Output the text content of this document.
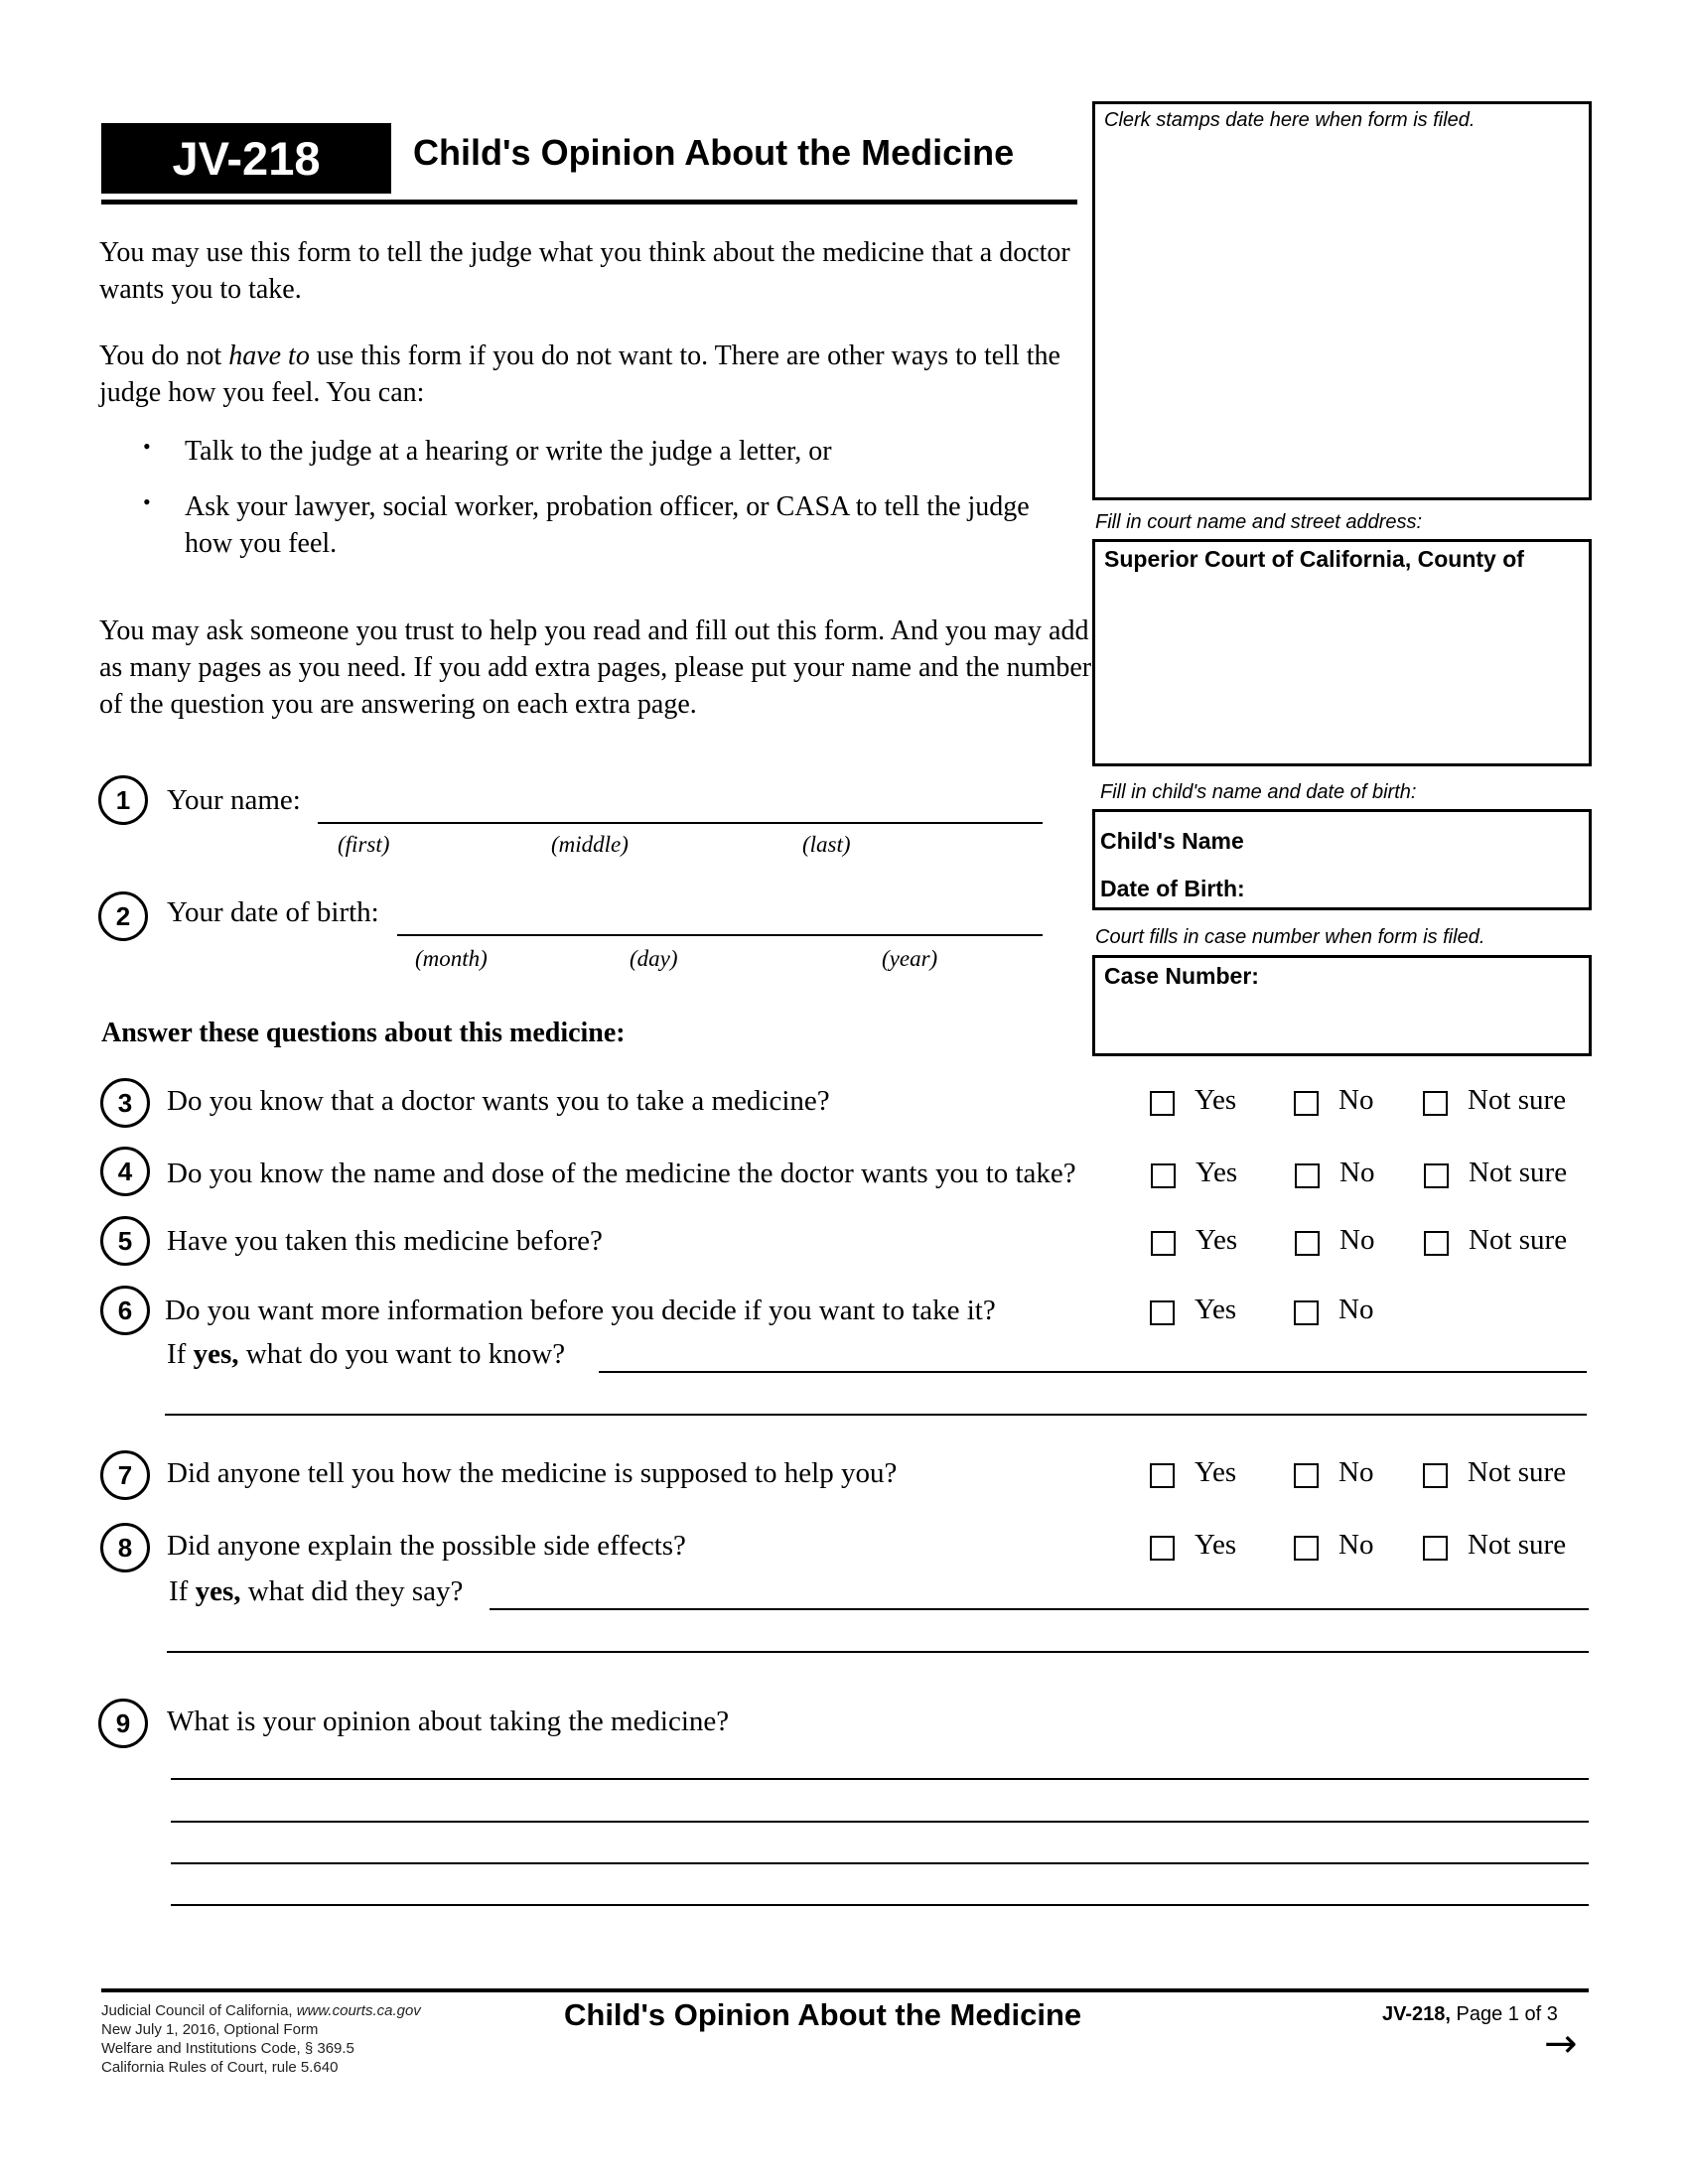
JV-218	Child's Opinion About the Medicine
You may use this form to tell the judge what you think about the medicine that a doctor wants you to take.
You do not have to use this form if you do not want to. There are other ways to tell the judge how you feel. You can:
• Talk to the judge at a hearing or write the judge a letter, or
• Ask your lawyer, social worker, probation officer, or CASA to tell the judge how you feel.
You may ask someone you trust to help you read and fill out this form. And you may add as many pages as you need. If you add extra pages, please put your name and the number of the question you are answering on each extra page.
Clerk stamps date here when form is filed.
Fill in court name and street address:
Superior Court of California, County of
Fill in child's name and date of birth:
Child's Name
Date of Birth:
Court fills in case number when form is filed.
Case Number:
1	Your name:
(first)	(middle)	(last)
2	Your date of birth:
(month)	(day)	(year)
Answer these questions about this medicine:
3	Do you know that a doctor wants you to take a medicine?	Yes	No	Not sure
4	Do you know the name and dose of the medicine the doctor wants you to take?	Yes	No	Not sure
5	Have you taken this medicine before?	Yes	No	Not sure
6	Do you want more information before you decide if you want to take it?	Yes	No
If yes, what do you want to know?
7	Did anyone tell you how the medicine is supposed to help you?	Yes	No	Not sure
8	Did anyone explain the possible side effects?	Yes	No	Not sure
If yes, what did they say?
9	What is your opinion about taking the medicine?
Judicial Council of California, www.courts.ca.gov
New July 1, 2016, Optional Form
Welfare and Institutions Code, § 369.5
California Rules of Court, rule 5.640
Child's Opinion About the Medicine	JV-218, Page 1 of 3
→
